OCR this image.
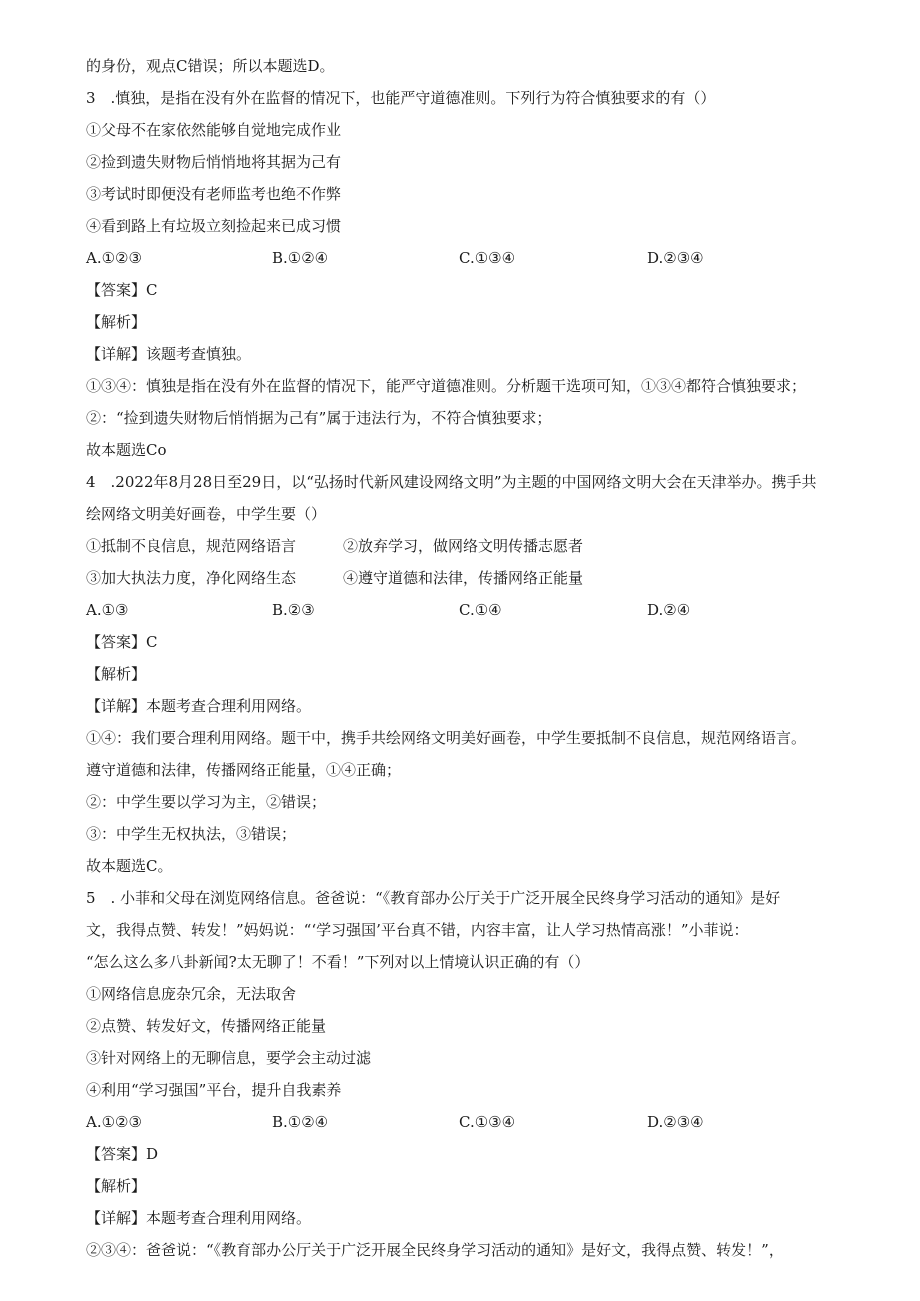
的身份，观点C错误；所以本题选D。
3　.慎独，是指在没有外在监督的情况下，也能严守道德准则。下列行为符合慎独要求的有（）
①父母不在家依然能够自觉地完成作业
②捡到遗失财物后悄悄地将其据为己有
③考试时即便没有老师监考也绝不作弊
④看到路上有垃圾立刻捡起来已成习惯
A.①②③	B.①②④	C.①③④	D.②③④
【答案】C
【解析】
【详解】该题考查慎独。
①③④：慎独是指在没有外在监督的情况下，能严守道德准则。分析题干选项可知，①③④都符合慎独要求；
②：“捡到遗失财物后悄悄据为己有”属于违法行为，不符合慎独要求；
故本题选Co
4　.2022年8月28日至29日，以“弘扬时代新风建设网络文明”为主题的中国网络文明大会在天津举办。携手共
绘网络文明美好画卷，中学生要（）
①抵制不良信息，规范网络语言	②放弃学习，做网络文明传播志愿者
③加大执法力度，净化网络生态	④遵守道德和法律，传播网络正能量
A.①③	B.②③	C.①④	D.②④
【答案】C
【解析】
【详解】本题考查合理利用网络。
①④：我们要合理利用网络。题干中，携手共绘网络文明美好画卷，中学生要抵制不良信息，规范网络语言。
遵守道德和法律，传播网络正能量，①④正确；
②：中学生要以学习为主，②错误；
③：中学生无权执法，③错误；
故本题选C。
5　. 小菲和父母在浏览网络信息。爸爸说：“《教育部办公厅关于广泛开展全民终身学习活动的通知》是好
文，我得点赞、转发！”妈妈说：“‘学习强国’平台真不错，内容丰富，让人学习热情高涨！”小菲说：
“怎么这么多八卦新闻?太无聊了！不看！”下列对以上情境认识正确的有（）
①网络信息庞杂冗余，无法取舍
②点赞、转发好文，传播网络正能量
③针对网络上的无聊信息，要学会主动过滤
④利用“学习强国”平台，提升自我素养
A.①②③	B.①②④	C.①③④	D.②③④
【答案】D
【解析】
【详解】本题考查合理利用网络。
②③④：爸爸说：“《教育部办公厅关于广泛开展全民终身学习活动的通知》是好文，我得点赞、转发！”，
